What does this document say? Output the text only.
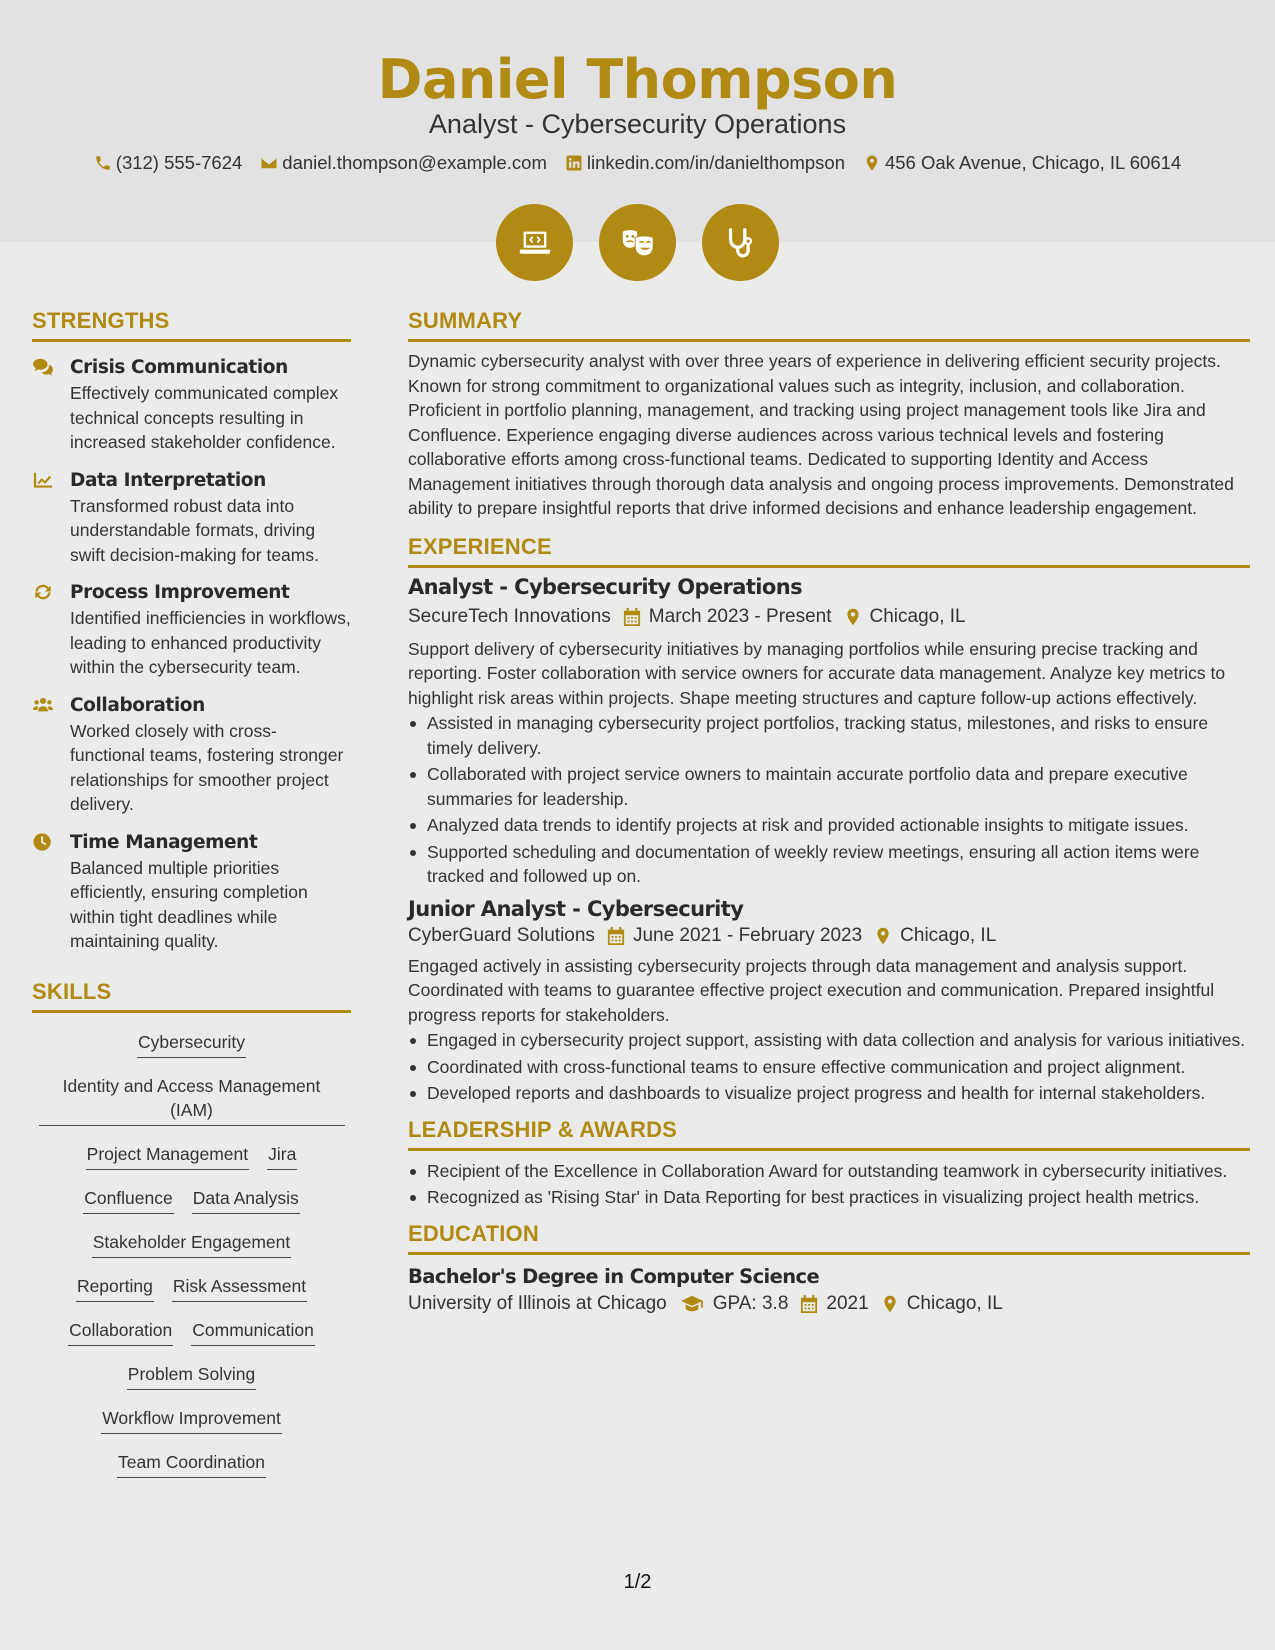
Daniel Thompson
Analyst - Cybersecurity Operations
(312) 555-7624 daniel.thompson@example.com linkedin.com/in/danielthompson 456 Oak Avenue, Chicago, IL 60614
STRENGTHS
Crisis Communication
Effectively communicated complex technical concepts resulting in increased stakeholder confidence.
Data Interpretation
Transformed robust data into understandable formats, driving swift decision-making for teams.
Process Improvement
Identified inefficiencies in workflows, leading to enhanced productivity within the cybersecurity team.
Collaboration
Worked closely with cross-functional teams, fostering stronger relationships for smoother project delivery.
Time Management
Balanced multiple priorities efficiently, ensuring completion within tight deadlines while maintaining quality.
SKILLS
Cybersecurity
Identity and Access Management (IAM)
Project Management Jira
Confluence Data Analysis
Stakeholder Engagement
Reporting Risk Assessment
Collaboration Communication
Problem Solving
Workflow Improvement
Team Coordination
SUMMARY
Dynamic cybersecurity analyst with over three years of experience in delivering efficient security projects. Known for strong commitment to organizational values such as integrity, inclusion, and collaboration. Proficient in portfolio planning, management, and tracking using project management tools like Jira and Confluence. Experience engaging diverse audiences across various technical levels and fostering collaborative efforts among cross-functional teams. Dedicated to supporting Identity and Access Management initiatives through thorough data analysis and ongoing process improvements. Demonstrated ability to prepare insightful reports that drive informed decisions and enhance leadership engagement.
EXPERIENCE
Analyst - Cybersecurity Operations
SecureTech Innovations March 2023 - Present Chicago, IL
Support delivery of cybersecurity initiatives by managing portfolios while ensuring precise tracking and reporting. Foster collaboration with service owners for accurate data management. Analyze key metrics to highlight risk areas within projects. Shape meeting structures and capture follow-up actions effectively.
Assisted in managing cybersecurity project portfolios, tracking status, milestones, and risks to ensure timely delivery.
Collaborated with project service owners to maintain accurate portfolio data and prepare executive summaries for leadership.
Analyzed data trends to identify projects at risk and provided actionable insights to mitigate issues.
Supported scheduling and documentation of weekly review meetings, ensuring all action items were tracked and followed up on.
Junior Analyst - Cybersecurity
CyberGuard Solutions June 2021 - February 2023 Chicago, IL
Engaged actively in assisting cybersecurity projects through data management and analysis support. Coordinated with teams to guarantee effective project execution and communication. Prepared insightful progress reports for stakeholders.
Engaged in cybersecurity project support, assisting with data collection and analysis for various initiatives.
Coordinated with cross-functional teams to ensure effective communication and project alignment.
Developed reports and dashboards to visualize project progress and health for internal stakeholders.
LEADERSHIP & AWARDS
Recipient of the Excellence in Collaboration Award for outstanding teamwork in cybersecurity initiatives.
Recognized as 'Rising Star' in Data Reporting for best practices in visualizing project health metrics.
EDUCATION
Bachelor's Degree in Computer Science
University of Illinois at Chicago GPA: 3.8 2021 Chicago, IL
1/2
